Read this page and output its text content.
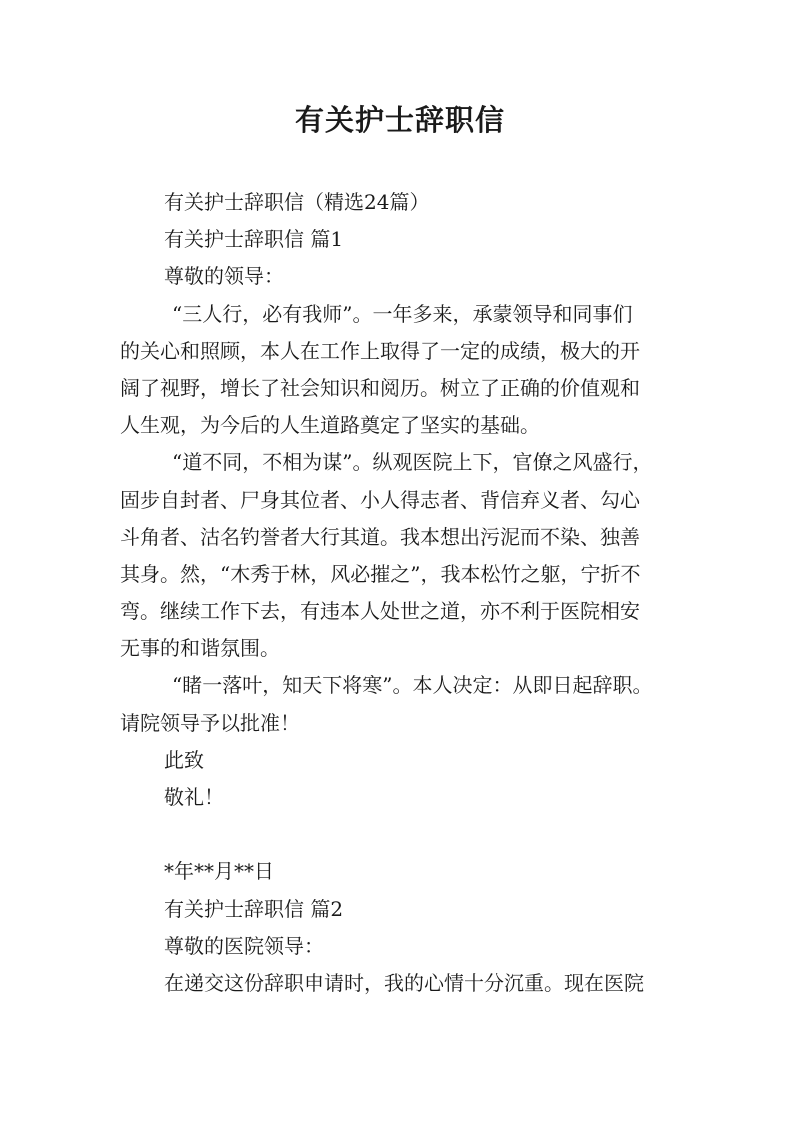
有关护士辞职信
有关护士辞职信（精选24篇）
有关护士辞职信 篇1
尊敬的领导：
“三人行，必有我师”。一年多来，承蒙领导和同事们
的关心和照顾，本人在工作上取得了一定的成绩，极大的开
阔了视野，增长了社会知识和阅历。树立了正确的价值观和
人生观，为今后的人生道路奠定了坚实的基础。
“道不同，不相为谋”。纵观医院上下，官僚之风盛行，
固步自封者、尸身其位者、小人得志者、背信弃义者、勾心
斗角者、沽名钓誉者大行其道。我本想出污泥而不染、独善
其身。然，“木秀于林，风必摧之”，我本松竹之躯，宁折不
弯。继续工作下去，有违本人处世之道，亦不利于医院相安
无事的和谐氛围。
“睹一落叶，知天下将寒”。本人决定：从即日起辞职。
请院领导予以批准！
此致
敬礼！
*年**月**日
有关护士辞职信 篇2
尊敬的医院领导：
在递交这份辞职申请时，我的心情十分沉重。现在医院
